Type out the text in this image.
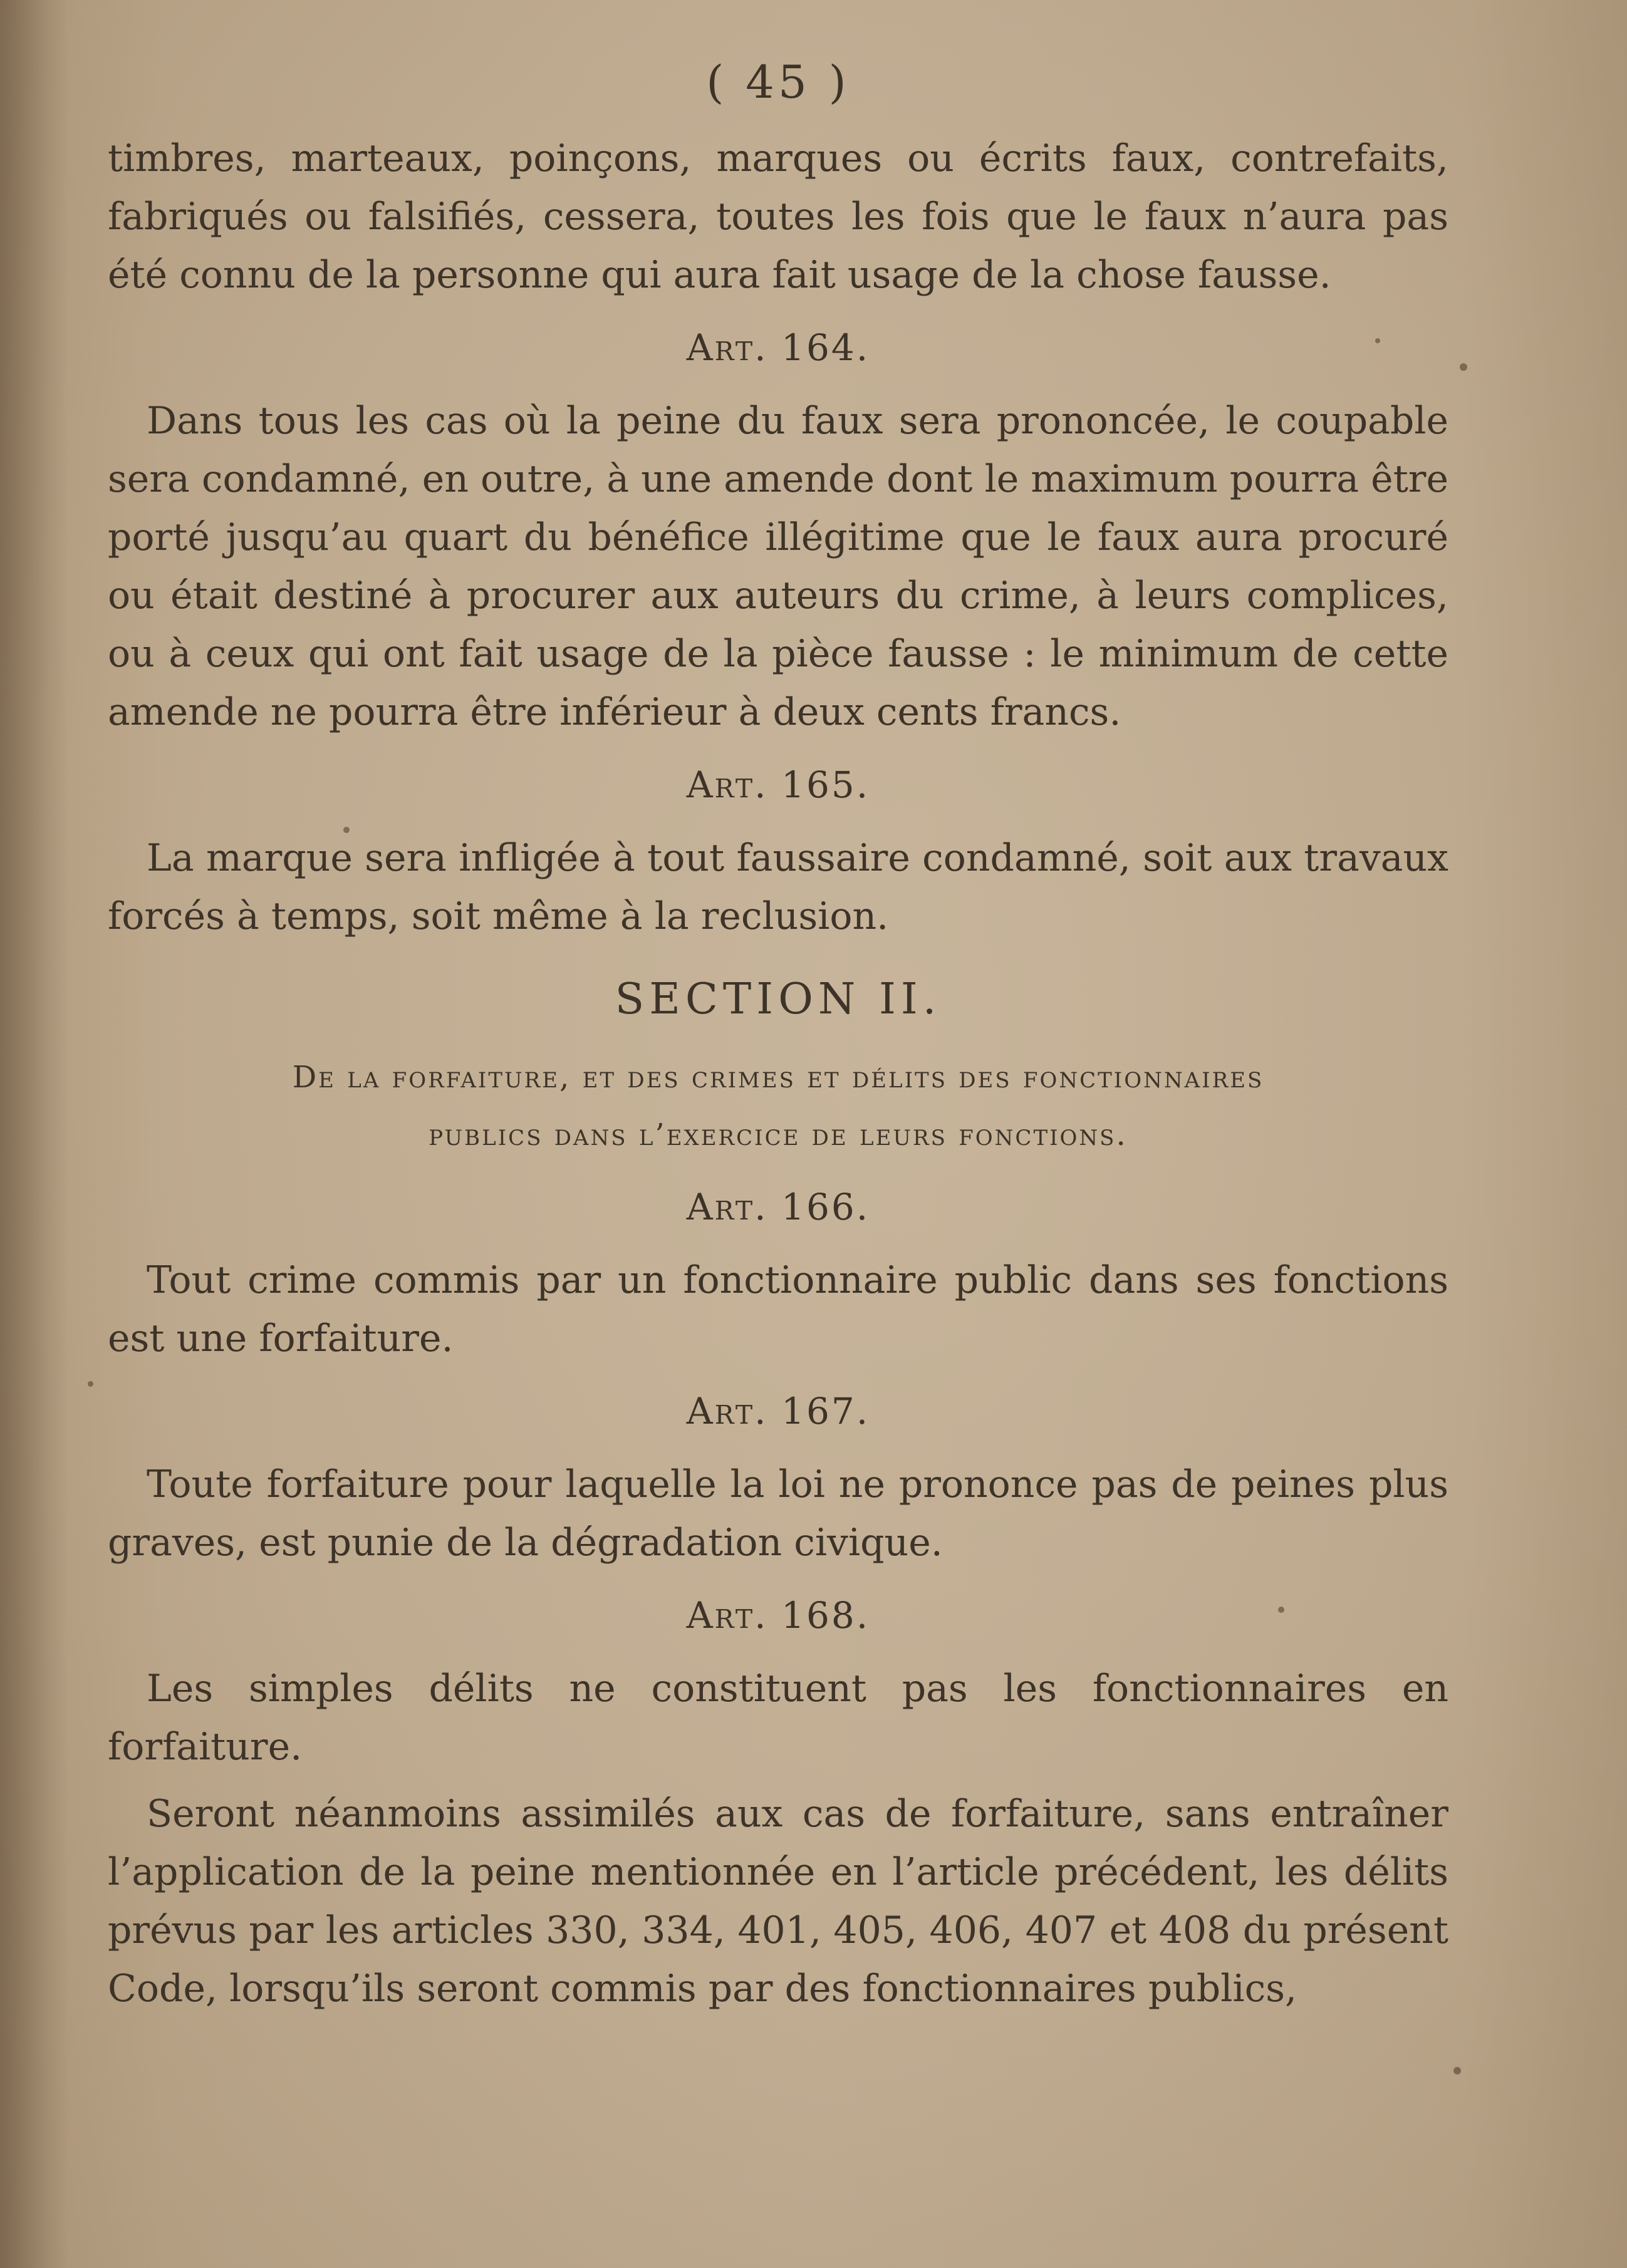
( 45 )

timbres, marteaux, poinçons, marques ou écrits faux, contrefaits, fabriqués ou falsifiés, cessera, toutes les fois que le faux n’aura pas été connu de la personne qui aura fait usage de la chose fausse.

Art. 164.

Dans tous les cas où la peine du faux sera prononcée, le coupable sera condamné, en outre, à une amende dont le maximum pourra être porté jusqu’au quart du bénéfice illégitime que le faux aura procuré ou était destiné à procurer aux auteurs du crime, à leurs complices, ou à ceux qui ont fait usage de la pièce fausse : le minimum de cette amende ne pourra être inférieur à deux cents francs.

Art. 165.

La marque sera infligée à tout faussaire condamné, soit aux travaux forcés à temps, soit même à la reclusion.

SECTION II.
De la forfaiture, et des crimes et délits des fonctionnaires
publics dans l’exercice de leurs fonctions.
Art. 166.

Tout crime commis par un fonctionnaire public dans ses fonctions est une forfaiture.

Art. 167.

Toute forfaiture pour laquelle la loi ne prononce pas de peines plus graves, est punie de la dégradation civique.

Art. 168.

Les simples délits ne constituent pas les fonctionnaires en forfaiture.

Seront néanmoins assimilés aux cas de forfaiture, sans entraîner l’application de la peine mentionnée en l’article précédent, les délits prévus par les articles 330, 334, 401, 405, 406, 407 et 408 du présent Code, lorsqu’ils seront commis par des fonctionnaires publics,
